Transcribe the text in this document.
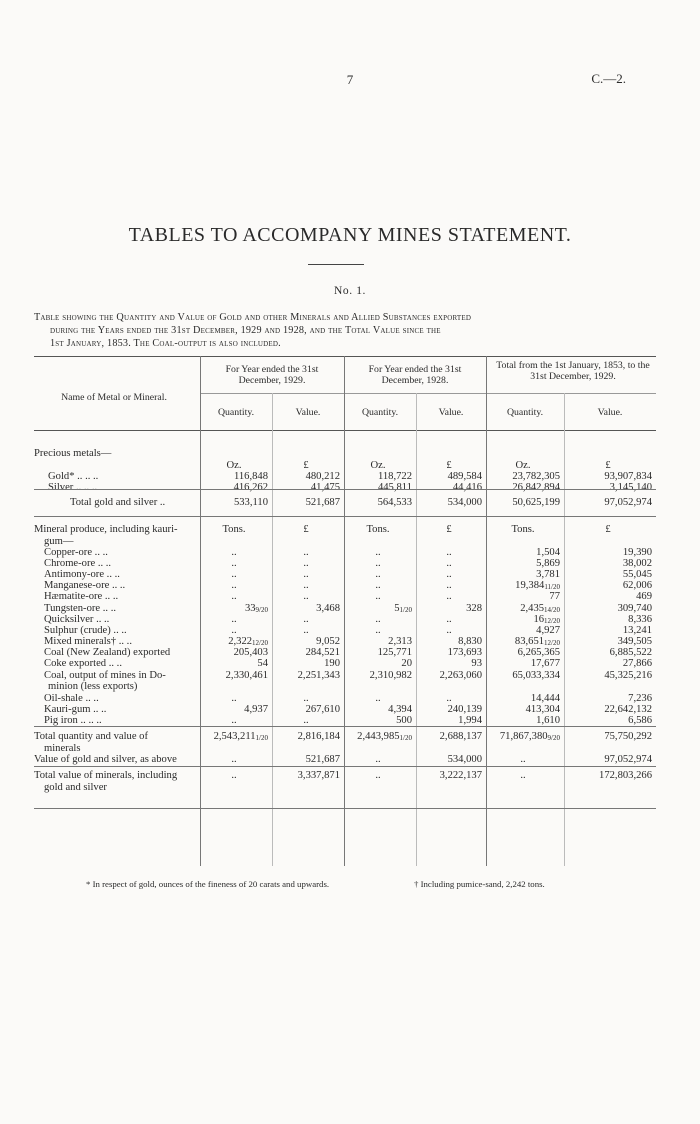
7	C.—2.
TABLES TO ACCOMPANY MINES STATEMENT.
No. 1.
Table showing the Quantity and Value of Gold and other Minerals and Allied Substances exported
during the Years ended the 31st December, 1929 and 1928, and the Total Value since the
1st January, 1853. The Coal-output is also included.
Name of Metal or Mineral.
For Year ended the 31st December, 1929.
For Year ended the 31st December, 1928.
Total from the 1st January, 1853, to the 31st December, 1929.
Quantity.	Value.	Quantity.	Value.	Quantity.	Value.
Precious metals—
Oz.	£	Oz.	£	Oz.	£
Gold* .. .. ..	116,848	480,212	118,722	489,584	23,782,305	93,907,834
Silver .. .. ..	416,262	41,475	445,811	44,416	26,842,894	3,145,140
Total gold and silver ..	533,110	521,687	564,533	534,000	50,625,199	97,052,974
Mineral produce, including kauri-	Tons.	£	Tons.	£	Tons.	£
gum—
Copper-ore .. ..	..	..	..	..	1,504	19,390
Chrome-ore .. ..	..	..	..	..	5,869	38,002
Antimony-ore .. ..	..	..	..	..	3,781	55,045
Manganese-ore .. ..	..	..	..	..	19,38411/20	62,006
Hæmatite-ore .. ..	..	..	..	..	77	469
Tungsten-ore .. ..	339/20	3,468	51/20	328	2,43514/20	309,740
Quicksilver .. ..	..	..	..	..	1612/20	8,336
Sulphur (crude) .. ..	..	..	..	..	4,927	13,241
Mixed minerals† .. ..	2,32212/20	9,052	2,313	8,830	83,65112/20	349,505
Coal (New Zealand) exported	205,403	284,521	125,771	173,693	6,265,365	6,885,522
Coke exported .. ..	54	190	20	93	17,677	27,866
Coal, output of mines in Do-	2,330,461	2,251,343	2,310,982	2,263,060	65,033,334	45,325,216
minion (less exports)
Oil-shale .. ..	..	..	..	..	14,444	7,236
Kauri-gum .. ..	4,937	267,610	4,394	240,139	413,304	22,642,132
Pig iron .. .. ..	..	..	500	1,994	1,610	6,586
Total quantity and value of	2,543,2111/20	2,816,184	2,443,9851/20	2,688,137	71,867,3809/20	75,750,292
minerals
Value of gold and silver, as above	..	521,687	..	534,000	..	97,052,974
Total value of minerals, including	..	3,337,871	..	3,222,137	..	172,803,266
gold and silver
* In respect of gold, ounces of the fineness of 20 carats and upwards.	† Including pumice-sand, 2,242 tons.
